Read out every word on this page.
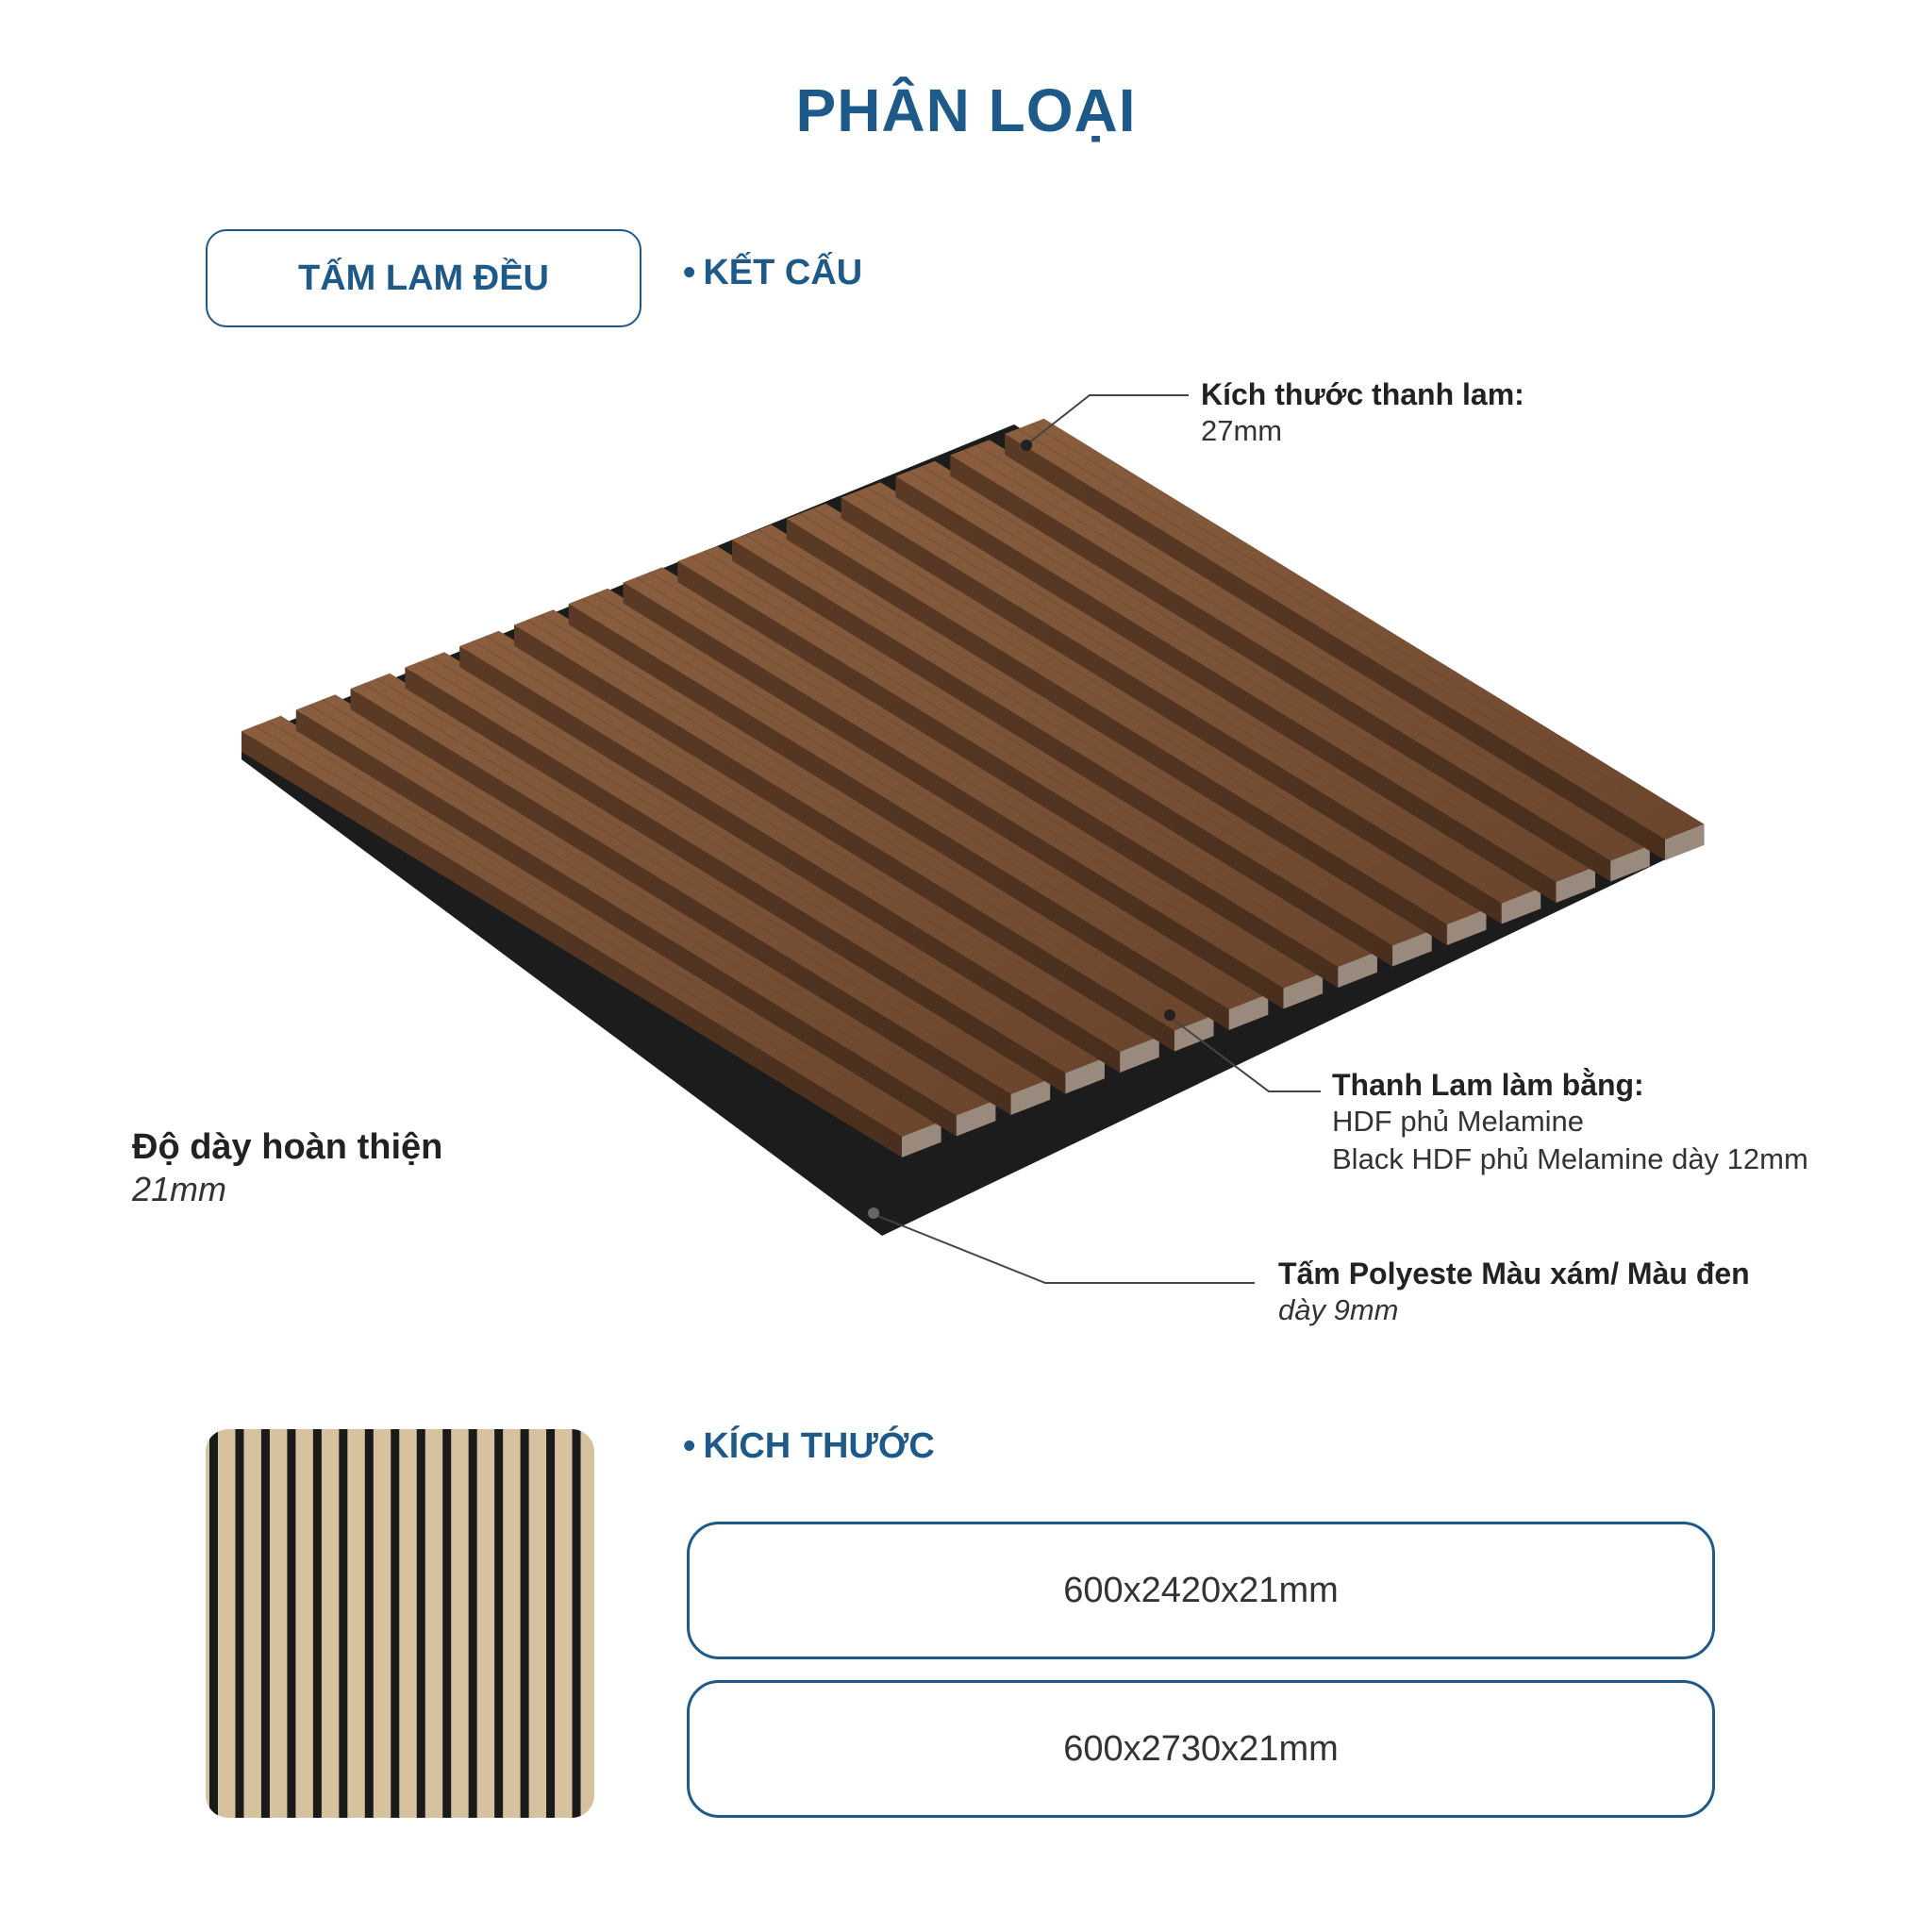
PHÂN LOẠI
TẤM LAM ĐỀU	• KẾT CẤU
Kích thước thanh lam:
27mm
Thanh Lam làm bằng:
HDF phủ Melamine
Black HDF phủ Melamine dày 12mm
Tấm Polyeste Màu xám/ Màu đen
dày 9mm
Độ dày hoàn thiện
21mm
• KÍCH THƯỚC
600x2420x21mm
600x2730x21mm
